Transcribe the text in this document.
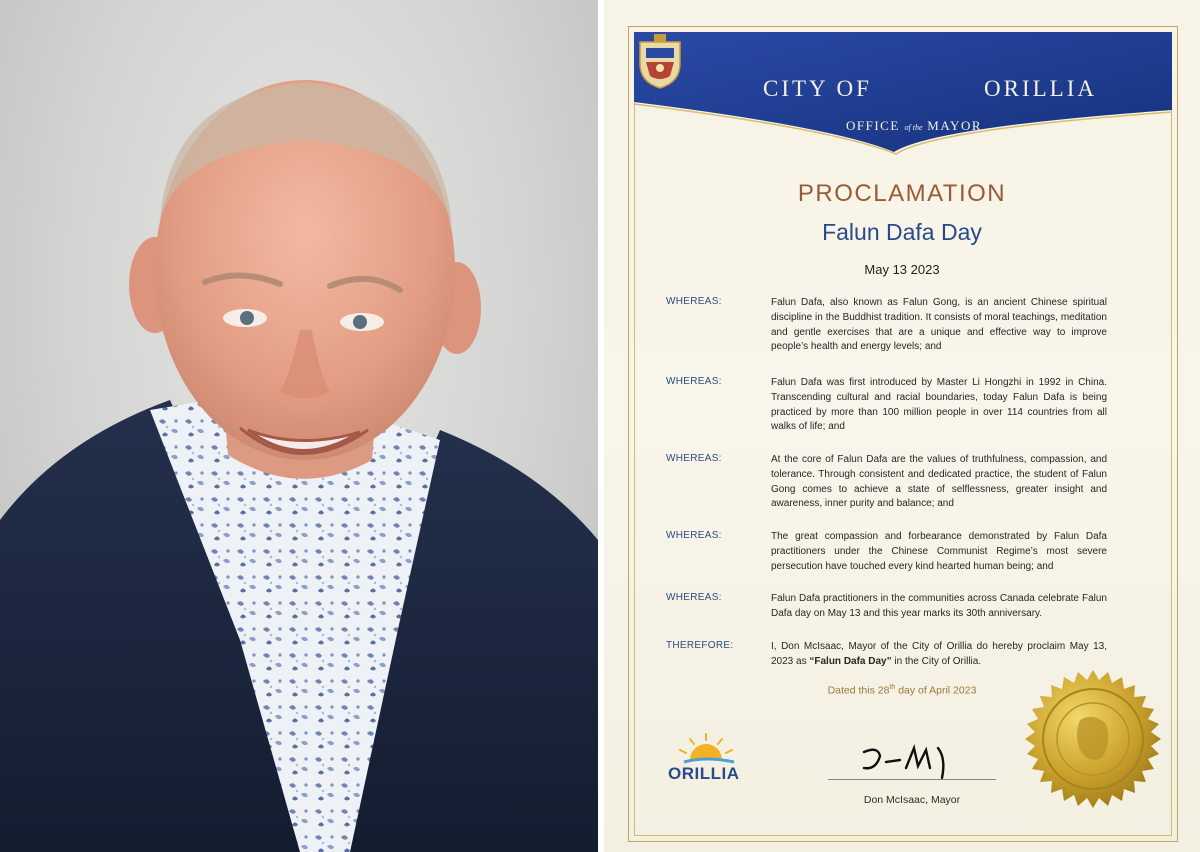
CITY OF	ORILLIA
OFFICE of the MAYOR
PROCLAMATION
Falun Dafa Day
May 13 2023
WHEREAS:	Falun Dafa, also known as Falun Gong, is an ancient Chinese spiritual discipline in the Buddhist tradition. It consists of moral teachings, meditation and gentle exercises that are a unique and effective way to improve people’s health and energy levels; and
WHEREAS:	Falun Dafa was first introduced by Master Li Hongzhi in 1992 in China. Transcending cultural and racial boundaries, today Falun Dafa is being practiced by more than 100 million people in over 114 countries from all walks of life; and
WHEREAS:	At the core of Falun Dafa are the values of truthfulness, compassion, and tolerance. Through consistent and dedicated practice, the student of Falun Gong comes to achieve a state of selflessness, greater insight and awareness, inner purity and balance; and
WHEREAS:	The great compassion and forbearance demonstrated by Falun Dafa practitioners under the Chinese Communist Regime’s most severe persecution have touched every kind hearted human being; and
WHEREAS:	Falun Dafa practitioners in the communities across Canada celebrate Falun Dafa day on May 13 and this year marks its 30th anniversary.
THEREFORE:	I, Don McIsaac, Mayor of the City of Orillia do hereby proclaim May 13, 2023 as “Falun Dafa Day” in the City of Orillia.
Dated this 28th day of April 2023
ORILLIA
Don McIsaac, Mayor
